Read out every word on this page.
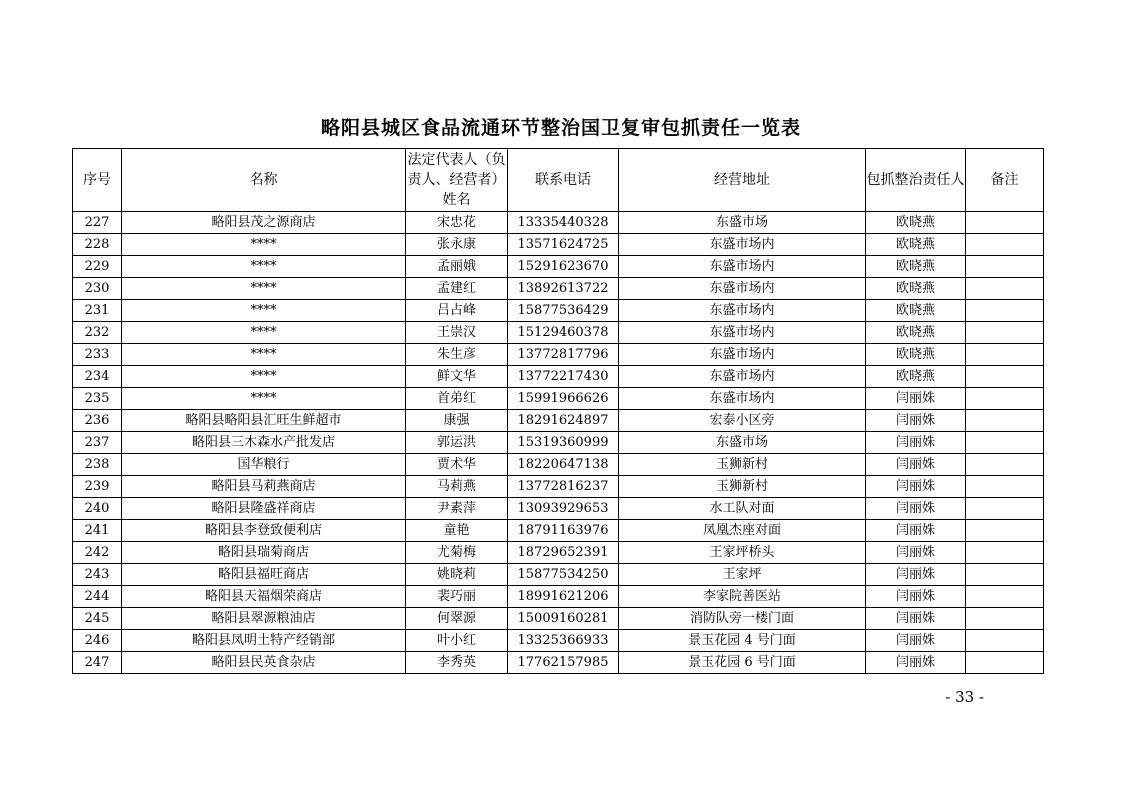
略阳县城区食品流通环节整治国卫复审包抓责任一览表
序号	名称	法定代表人（负责人、经营者）姓名	联系电话	经营地址	包抓整治责任人	备注
227	略阳县茂之源商店	宋忠花	13335440328	东盛市场	欧晓燕	
228	****	张永康	13571624725	东盛市场内	欧晓燕	
229	****	孟丽娥	15291623670	东盛市场内	欧晓燕	
230	****	孟建红	13892613722	东盛市场内	欧晓燕	
231	****	吕占峰	15877536429	东盛市场内	欧晓燕	
232	****	王崇汉	15129460378	东盛市场内	欧晓燕	
233	****	朱生彦	13772817796	东盛市场内	欧晓燕	
234	****	鲜文华	13772217430	东盛市场内	欧晓燕	
235	****	首弟红	15991966626	东盛市场内	闫丽姝	
236	略阳县略阳县汇旺生鲜超市	康强	18291624897	宏泰小区旁	闫丽姝	
237	略阳县三木森水产批发店	郭运洪	15319360999	东盛市场	闫丽姝	
238	国华粮行	贾术华	18220647138	玉狮新村	闫丽姝	
239	略阳县马莉燕商店	马莉燕	13772816237	玉狮新村	闫丽姝	
240	略阳县隆盛祥商店	尹素萍	13093929653	水工队对面	闫丽姝	
241	略阳县李登致便利店	童艳	18791163976	凤凰杰座对面	闫丽姝	
242	略阳县瑞菊商店	尤菊梅	18729652391	王家坪桥头	闫丽姝	
243	略阳县福旺商店	姚晓莉	15877534250	王家坪	闫丽姝	
244	略阳县天福烟荣商店	裴巧丽	18991621206	李家院善医站	闫丽姝	
245	略阳县翠源粮油店	何翠源	15009160281	消防队旁一楼门面	闫丽姝	
246	略阳县凤明土特产经销部	叶小红	13325366933	景玉花园 4 号门面	闫丽姝	
247	略阳县民英食杂店	李秀英	17762157985	景玉花园 6 号门面	闫丽姝	
- 33 -
